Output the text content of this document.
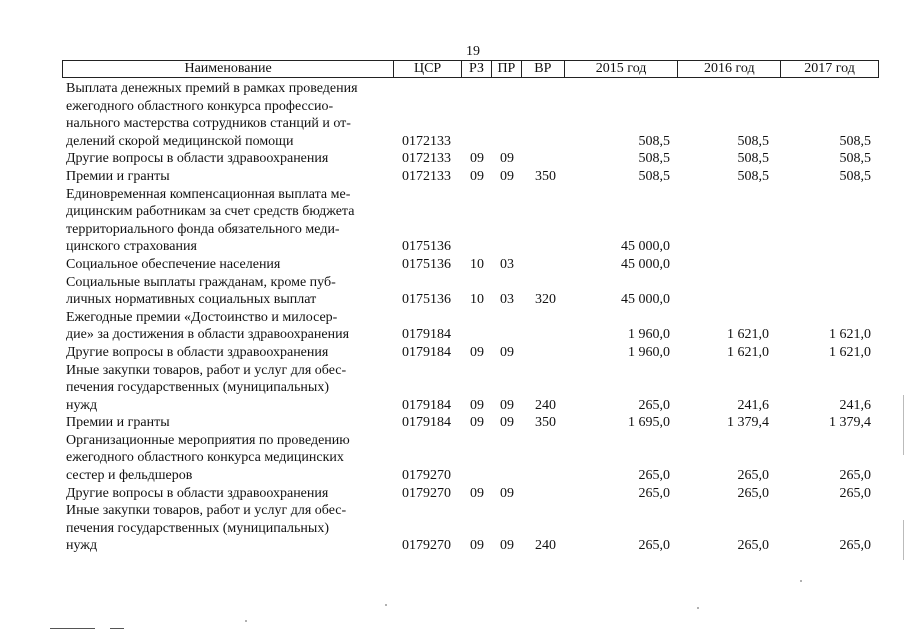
19
Наименование	ЦСР	РЗ ПР	ВР	2015 год	2016 год	2017 год
Выплата денежных премий в рамках проведения
ежегодного областного конкурса профессио-
нального мастерства сотрудников станций и от-
делений скорой медицинской помощи	0172133	508,5	508,5	508,5
Другие вопросы в области здравоохранения	0172133 09 09	508,5	508,5	508,5
Премии и гранты	0172133 09 09 350	508,5	508,5	508,5
Единовременная компенсационная выплата ме-
дицинским работникам за счет средств бюджета
территориального фонда обязательного меди-
цинского страхования	0175136	45 000,0
Социальное обеспечение населения	0175136 10 03	45 000,0
Социальные выплаты гражданам, кроме пуб-
личных нормативных социальных выплат	0175136 10 03 320	45 000,0
Ежегодные премии «Достоинство и милосер-
дие» за достижения в области здравоохранения	0179184	1 960,0	1 621,0	1 621,0
Другие вопросы в области здравоохранения	0179184 09 09	1 960,0	1 621,0	1 621,0
Иные закупки товаров, работ и услуг для обес-
печения государственных (муниципальных)
нужд	0179184 09 09 240	265,0	241,6	241,6
Премии и гранты	0179184 09 09 350	1 695,0	1 379,4	1 379,4
Организационные мероприятия по проведению
ежегодного областного конкурса медицинских
сестер и фельдшеров	0179270	265,0	265,0	265,0
Другие вопросы в области здравоохранения	0179270 09 09	265,0	265,0	265,0
Иные закупки товаров, работ и услуг для обес-
печения государственных (муниципальных)
нужд	0179270 09 09 240	265,0	265,0	265,0
